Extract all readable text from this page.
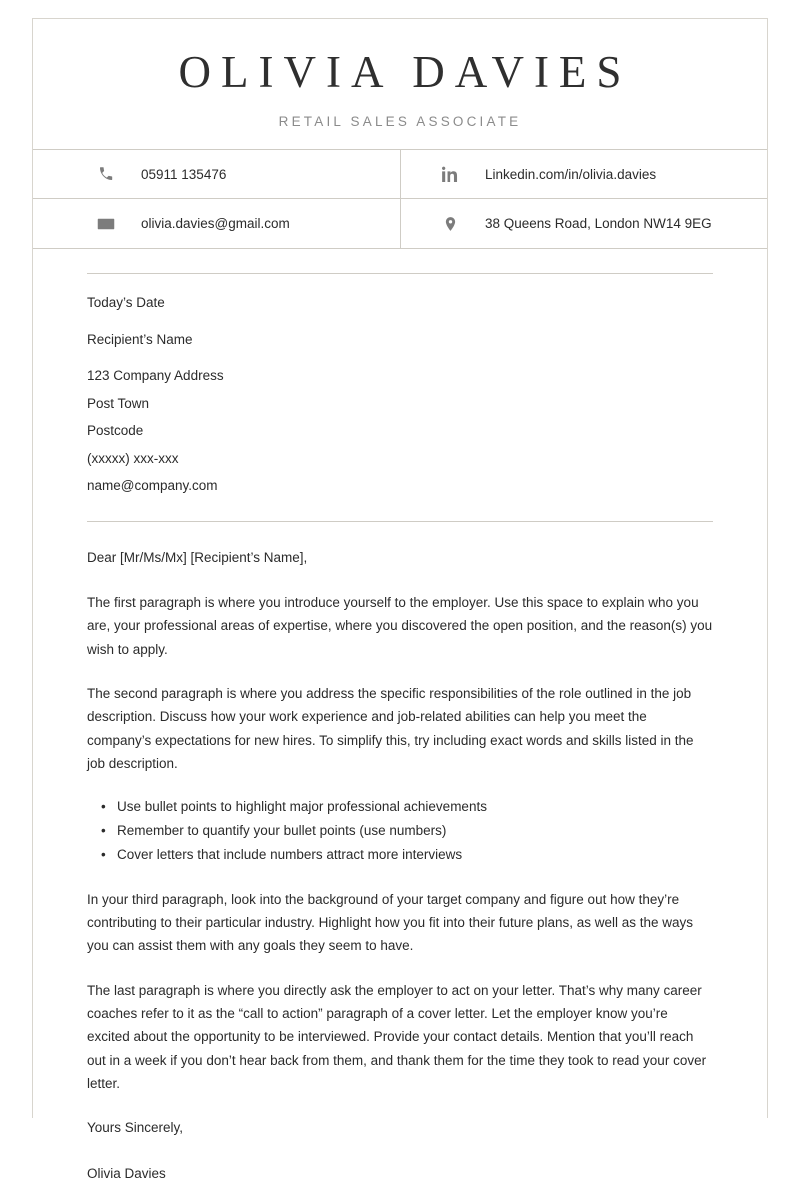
OLIVIA DAVIES
RETAIL SALES ASSOCIATE
05911 135476	Linkedin.com/in/olivia.davies
olivia.davies@gmail.com	38 Queens Road, London NW14 9EG
Today’s Date
Recipient’s Name
123 Company Address
Post Town
Postcode
(xxxxx) xxx-xxx
name@company.com

Dear [Mr/Ms/Mx] [Recipient’s Name],

The first paragraph is where you introduce yourself to the employer. Use this space to explain who you are, your professional areas of expertise, where you discovered the open position, and the reason(s) you wish to apply.

The second paragraph is where you address the specific responsibilities of the role outlined in the job description. Discuss how your work experience and job-related abilities can help you meet the company’s expectations for new hires. To simplify this, try including exact words and skills listed in the job description.

• Use bullet points to highlight major professional achievements
• Remember to quantify your bullet points (use numbers)
• Cover letters that include numbers attract more interviews

In your third paragraph, look into the background of your target company and figure out how they’re contributing to their particular industry. Highlight how you fit into their future plans, as well as the ways you can assist them with any goals they seem to have.

The last paragraph is where you directly ask the employer to act on your letter. That’s why many career coaches refer to it as the “call to action” paragraph of a cover letter. Let the employer know you’re excited about the opportunity to be interviewed. Provide your contact details. Mention that you’ll reach out in a week if you don’t hear back from them, and thank them for the time they took to read your cover letter.

Yours Sincerely,

Olivia Davies
